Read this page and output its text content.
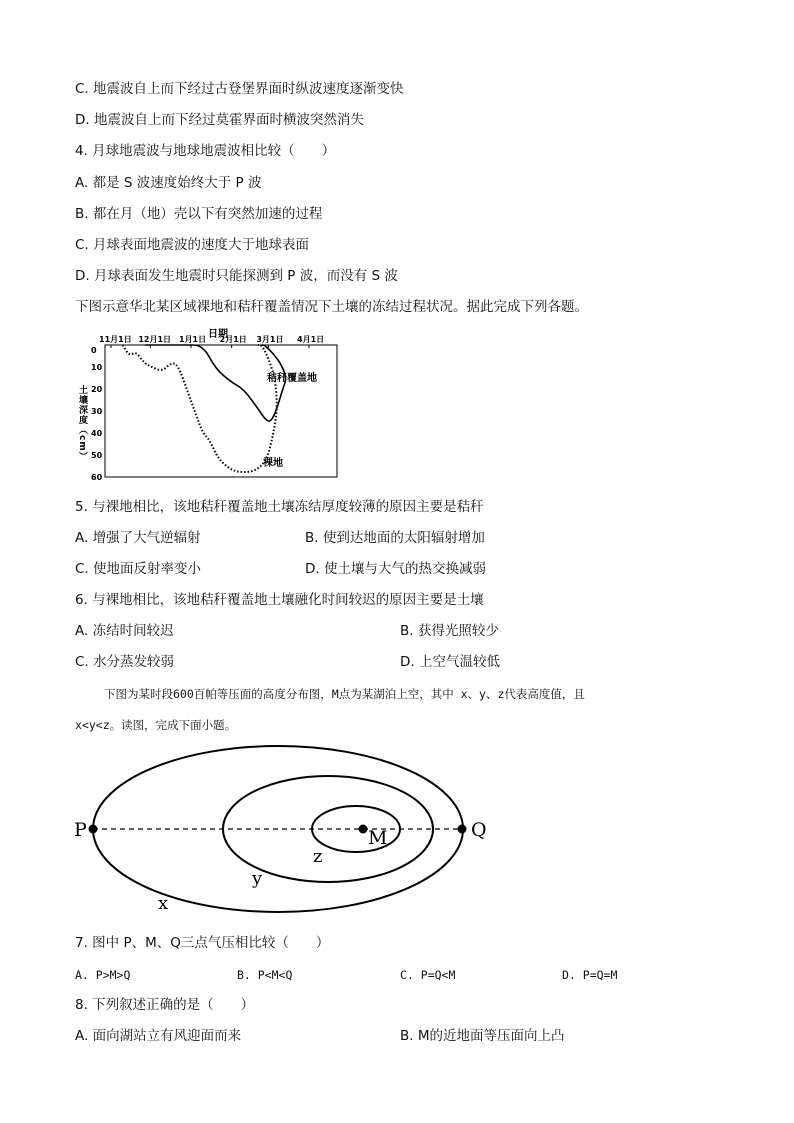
C. 地震波自上而下经过古登堡界面时纵波速度逐渐变快
D. 地震波自上而下经过莫霍界面时横波突然消失
4. 月球地震波与地球地震波相比较（　　）
A. 都是 S 波速度始终大于 P 波
B. 都在月（地）壳以下有突然加速的过程
C. 月球表面地震波的速度大于地球表面
D. 月球表面发生地震时只能探测到 P 波，而没有 S 波
下图示意华北某区域裸地和秸秆覆盖情况下土壤的冻结过程状况。据此完成下列各题。
日期
11月1日 12月1日 1月1日 2月1日 3月1日 4月1日
10
20
30
40
50
60
0
土壤深度（cm）
秸秆覆盖地
裸地
5. 与裸地相比，该地秸秆覆盖地土壤冻结厚度较薄的原因主要是秸秆
A. 增强了大气逆辐射	B. 使到达地面的太阳辐射增加
C. 使地面反射率变小	D. 使土壤与大气的热交换减弱
6. 与裸地相比，该地秸秆覆盖地土壤融化时间较迟的原因主要是土壤
A. 冻结时间较迟	B. 获得光照较少
C. 水分蒸发较弱	D. 上空气温较低
下图为某时段600百帕等压面的高度分布图，M点为某湖泊上空，其中 x、y、z代表高度值，且
x<y<z。读图，完成下面小题。
P	Q
M
z
y
x
7. 图中 P、M、Q三点气压相比较（　　）
A. P>M>Q	B. P<M<Q	C. P=Q<M	D. P=Q=M
8. 下列叙述正确的是（　　）
A. 面向湖站立有风迎面而来	B. M的近地面等压面向上凸
